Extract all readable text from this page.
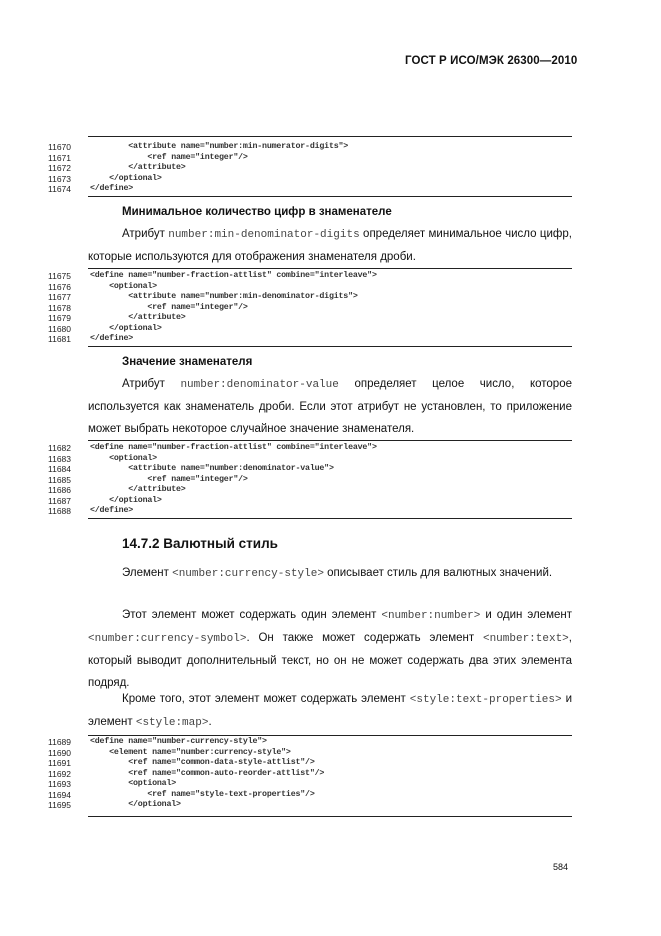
ГОСТ Р ИСО/МЭК 26300—2010
11670	<attribute name="number:min-numerator-digits">
11671	<ref name="integer"/>
11672	</attribute>
11673	</optional>
11674	</define>
Минимальное количество цифр в знаменателе
Атрибут number:min-denominator-digits определяет минимальное число цифр, которые используются для отображения знаменателя дроби.
11675	<define name="number-fraction-attlist" combine="interleave">
11676	<optional>
11677	<attribute name="number:min-denominator-digits">
11678	<ref name="integer"/>
11679	</attribute>
11680	</optional>
11681	</define>
Значение знаменателя
Атрибут number:denominator-value определяет целое число, которое используется как знаменатель дроби. Если этот атрибут не установлен, то приложение может выбрать некоторое случайное значение знаменателя.
11682	<define name="number-fraction-attlist" combine="interleave">
11683	<optional>
11684	<attribute name="number:denominator-value">
11685	<ref name="integer"/>
11686	</attribute>
11687	</optional>
11688	</define>
14.7.2 Валютный стиль
Элемент <number:currency-style> описывает стиль для валютных значений.
Этот элемент может содержать один элемент <number:number> и один элемент <number:currency-symbol>. Он также может содержать элемент <number:text>, который выводит дополнительный текст, но он не может содержать два этих элемента подряд.
Кроме того, этот элемент может содержать элемент <style:text-properties> и элемент <style:map>.
11689	<define name="number-currency-style">
11690	<element name="number:currency-style">
11691	<ref name="common-data-style-attlist"/>
11692	<ref name="common-auto-reorder-attlist"/>
11693	<optional>
11694	<ref name="style-text-properties"/>
11695	</optional>
584
